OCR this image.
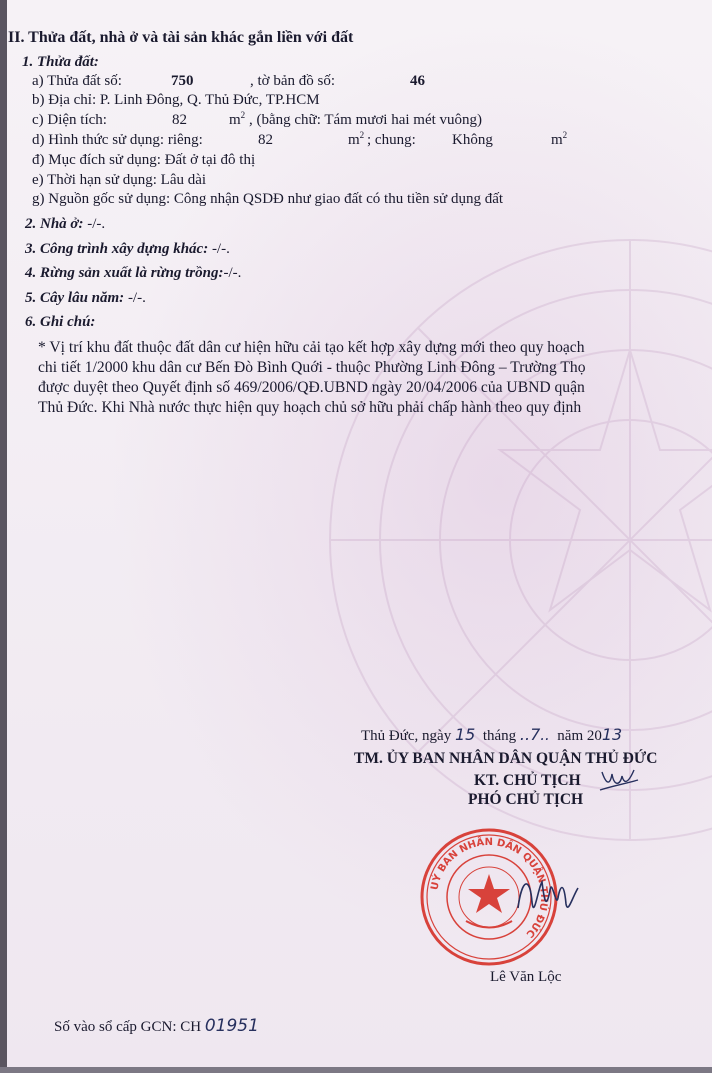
II. Thửa đất, nhà ở và tài sản khác gắn liền với đất
1. Thửa đất:
a) Thửa đất số:	750	, tờ bản đồ số:	46
b) Địa chỉ: P. Linh Đông, Q. Thủ Đức, TP.HCM
c) Diện tích:	82	$m^2$ , (bằng chữ: Tám mươi hai mét vuông)
d) Hình thức sử dụng: riêng:	82	$m^2$ ; chung: Không	$m^2$
đ) Mục đích sử dụng: Đất ở tại đô thị
e) Thời hạn sử dụng: Lâu dài
g) Nguồn gốc sử dụng: Công nhận QSDĐ như giao đất có thu tiền sử dụng đất
2. Nhà ở: -/-.
3. Công trình xây dựng khác: -/-.
4. Rừng sản xuất là rừng trồng:-/-.
5. Cây lâu năm: -/-.
6. Ghi chú:
* Vị trí khu đất thuộc đất dân cư hiện hữu cải tạo kết hợp xây dựng mới theo quy hoạch
chi tiết 1/2000 khu dân cư Bến Đò Bình Quới - thuộc Phường Linh Đông – Trường Thọ
được duyệt theo Quyết định số 469/2006/QĐ.UBND ngày 20/04/2006 của UBND quận
Thủ Đức. Khi Nhà nước thực hiện quy hoạch chủ sở hữu phải chấp hành theo quy định
Thủ Đức, ngày 15 tháng ..7.. năm 2013
TM. ỦY BAN NHÂN DÂN QUẬN THỦ ĐỨC
KT. CHỦ TỊCH
PHÓ CHỦ TỊCH
UỶ BAN NHÂN DÂN QUẬN THỦ ĐỨC
Lê Văn Lộc
Số vào sổ cấp GCN: CH 01951
